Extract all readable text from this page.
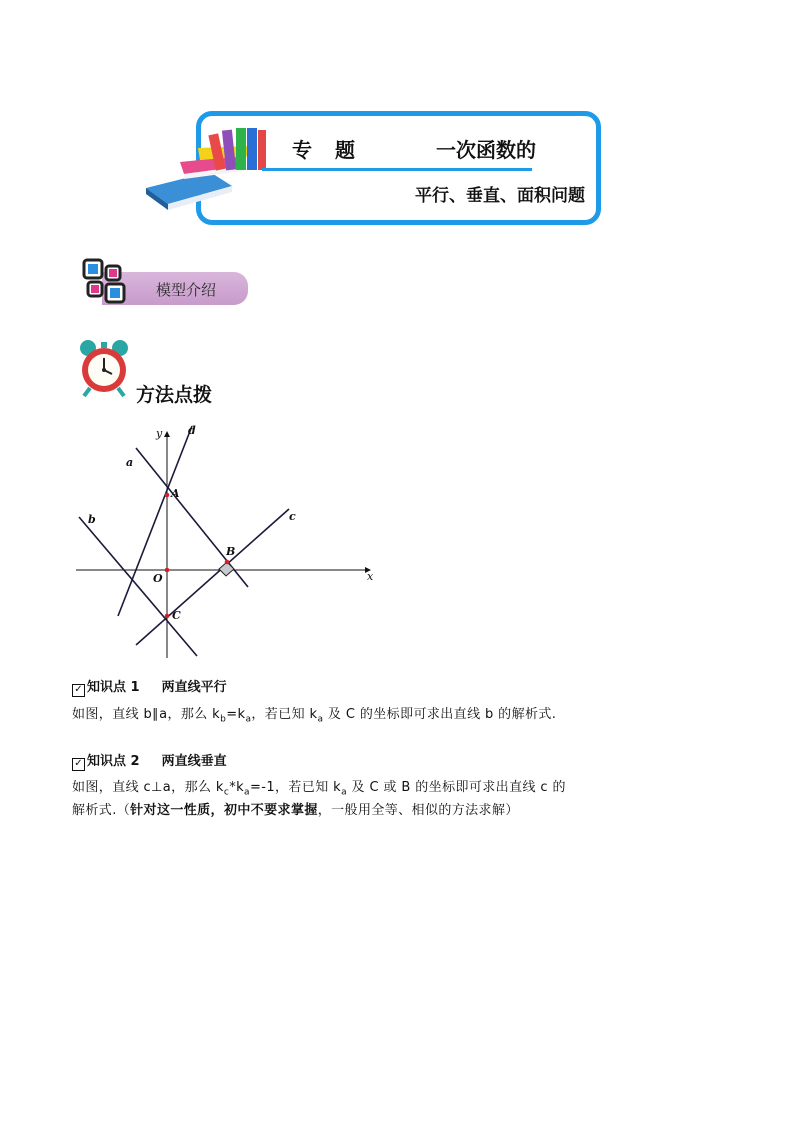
专 题	一次函数的
平行、垂直、面积问题
模型介绍
方法点拨
y
x
a
b	c
d
A
B
C
O
✓ 知识点 1 两直线平行
如图，直线 b∥a，那么 $k_b=k_a$，若已知 $k_a$ 及 C 的坐标即可求出直线 b 的解析式.
✓ 知识点 2 两直线垂直
如图，直线 c⊥a，那么 $k_c*k_a=-1$，若已知 $k_a$ 及 C 或 B 的坐标即可求出直线 c 的
解析式.（针对这一性质，初中不要求掌握，一般用全等、相似的方法求解）
